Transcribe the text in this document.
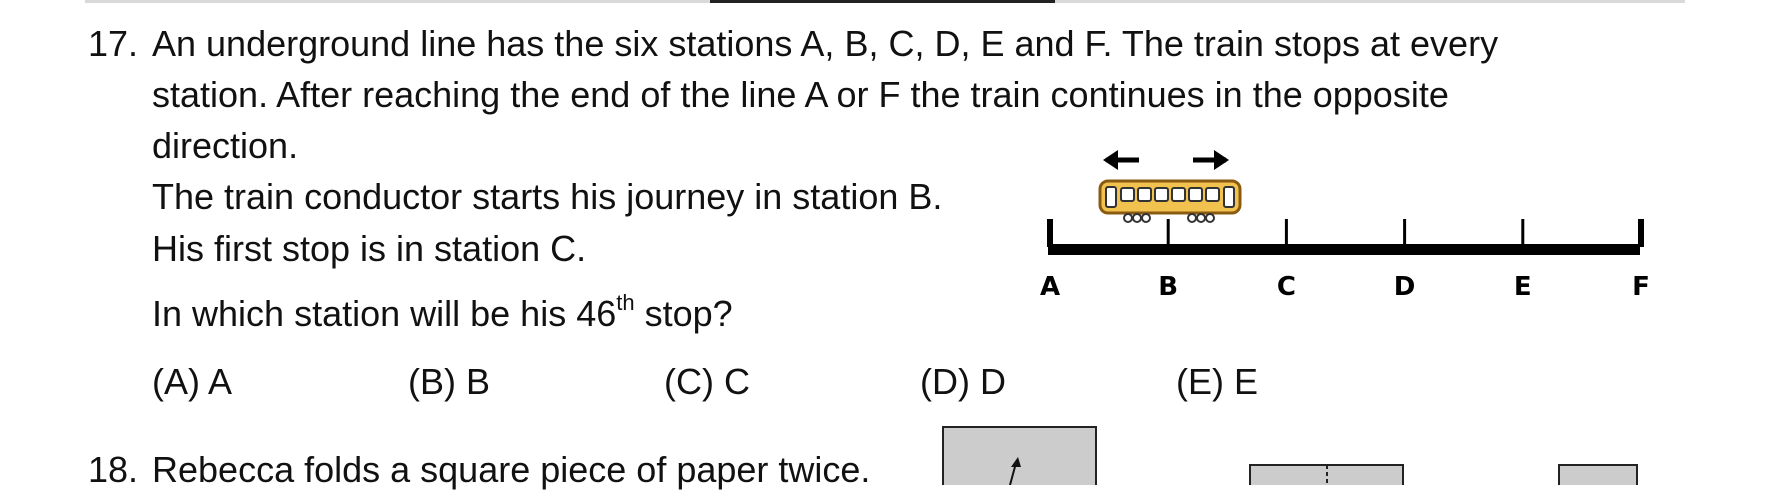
17. An underground line has the six stations A, B, C, D, E and F. The train stops at every
station. After reaching the end of the line A or F the train continues in the opposite
direction.
The train conductor starts his journey in station B.
His first stop is in station C.
In which station will be his 46th stop?
(A) A	(B) B	(C) C	(D) D	(E) E
A	B	C	D	E	F
18. Rebecca folds a square piece of paper twice.
